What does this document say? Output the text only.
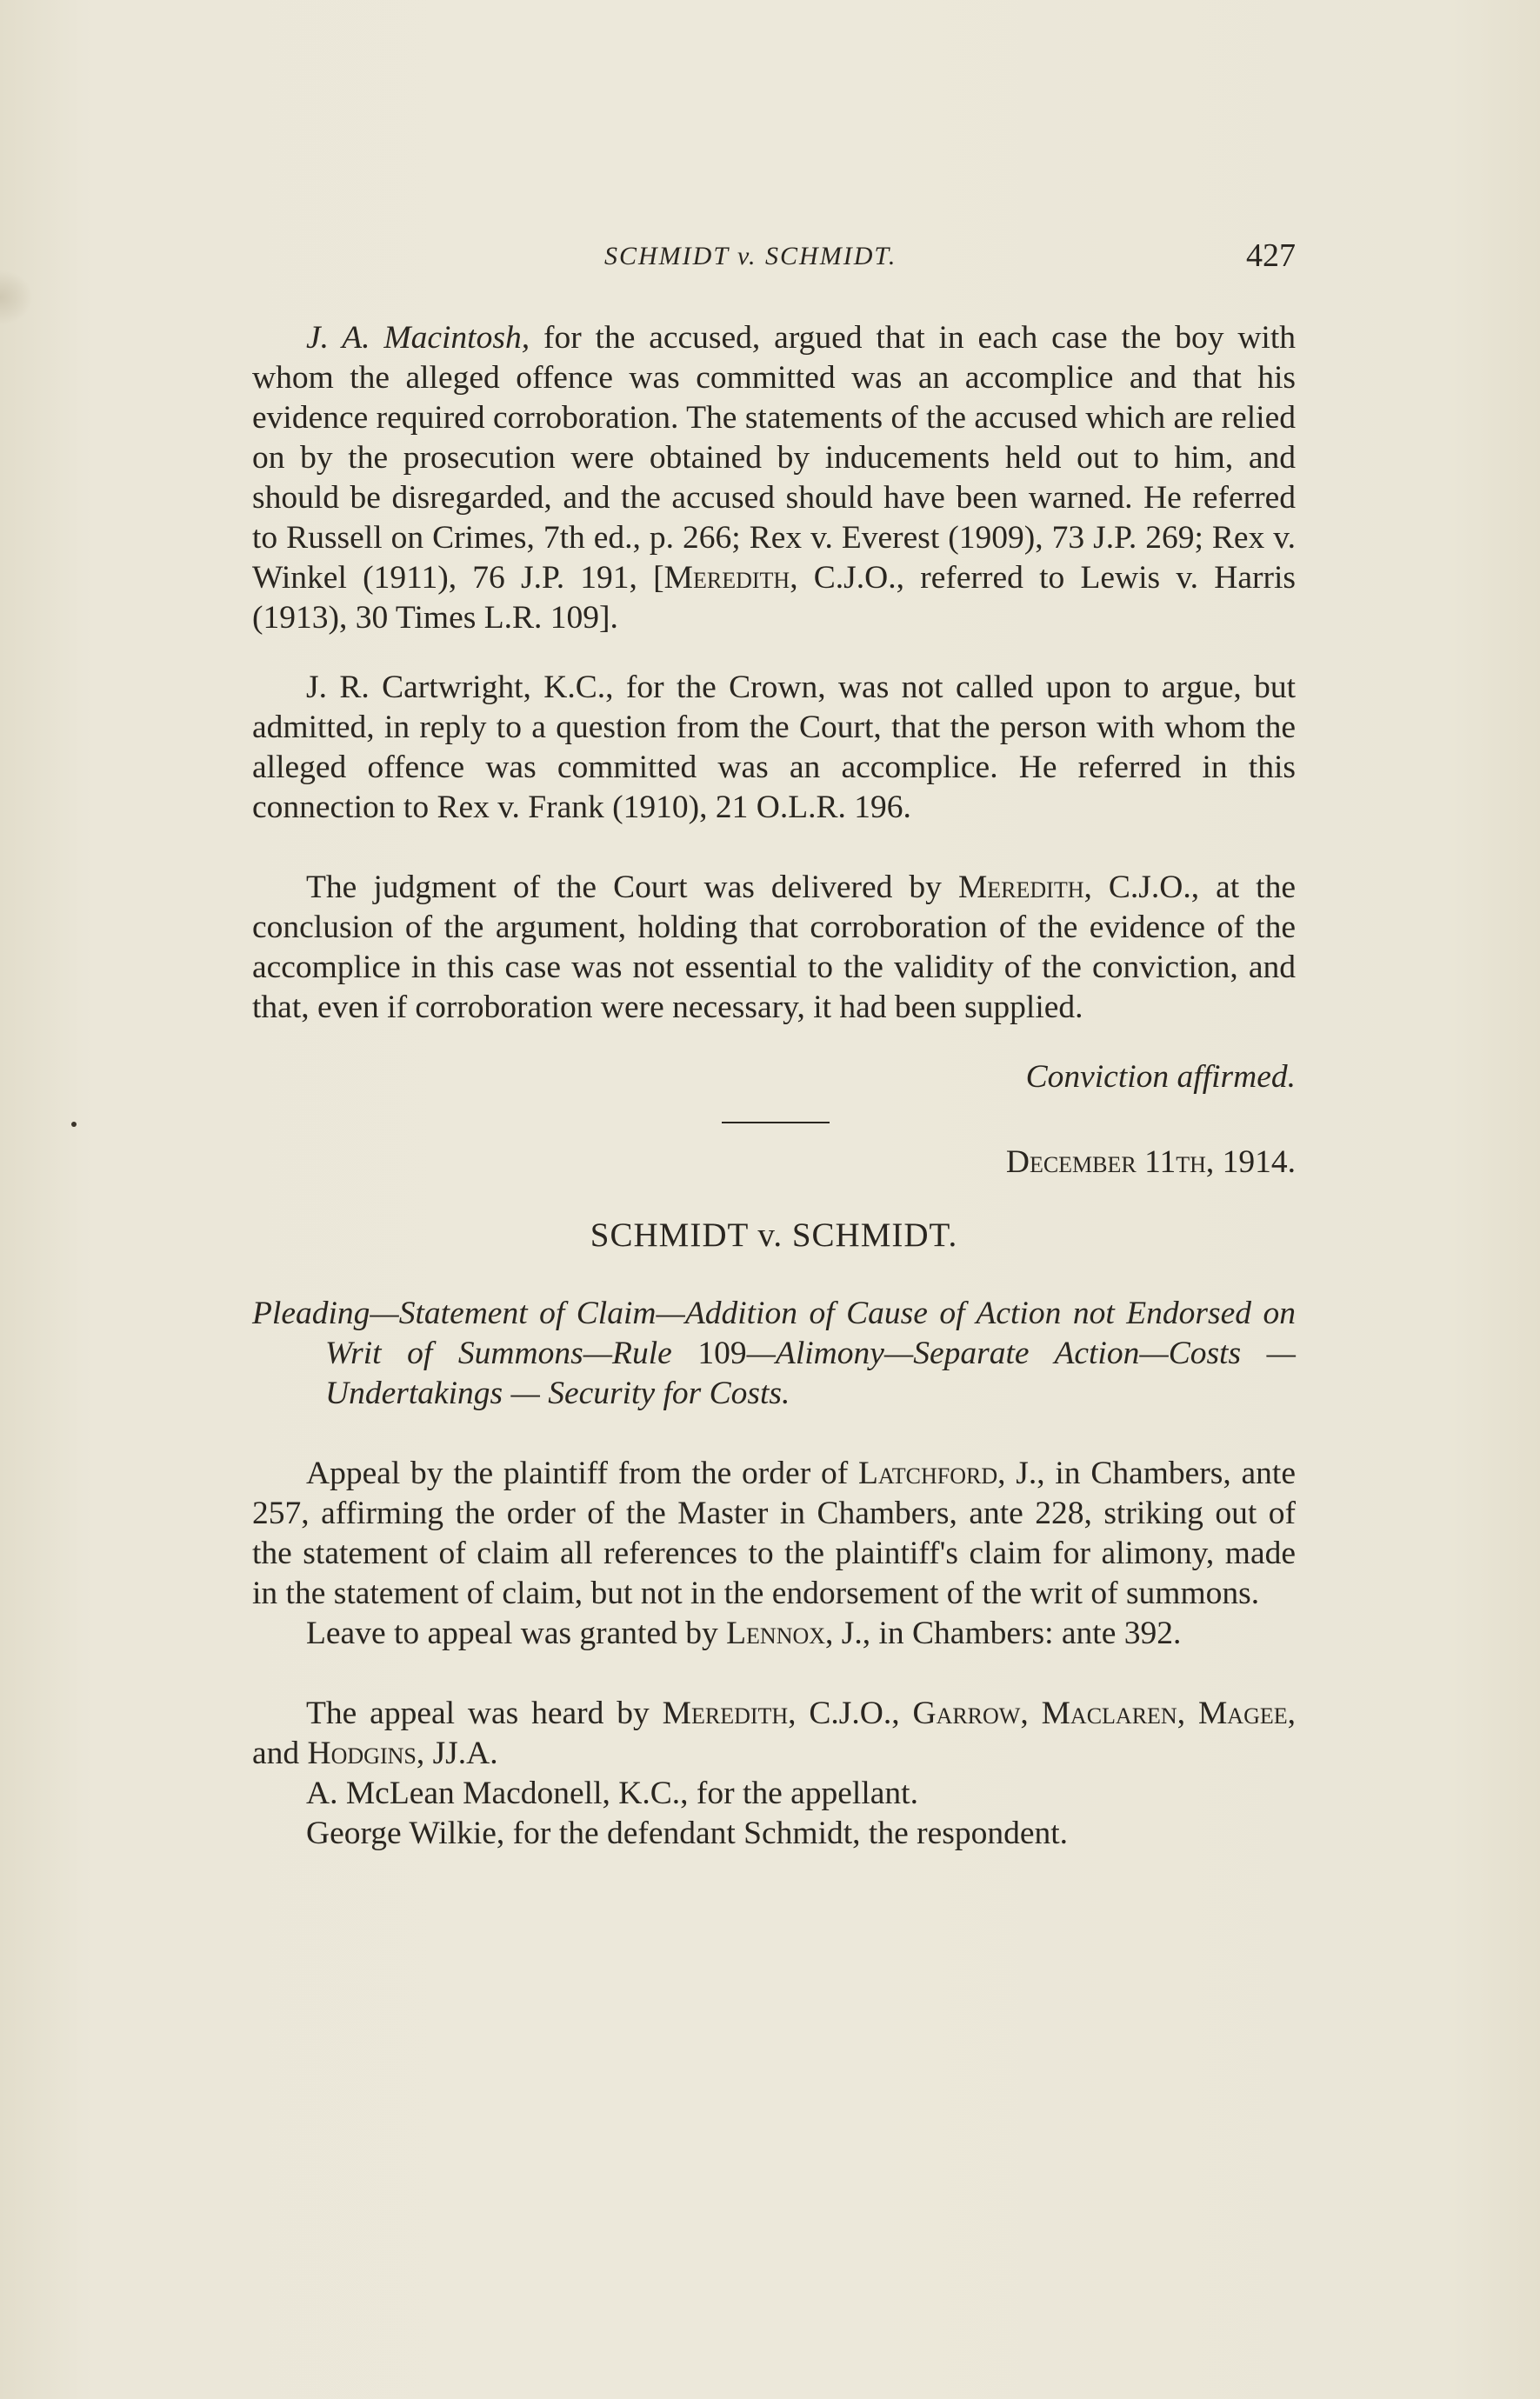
SCHMIDT v. SCHMIDT.	427

J. A. Macintosh, for the accused, argued that in each case the boy with whom the alleged offence was committed was an accomplice and that his evidence required corroboration. The statements of the accused which are relied on by the prosecution were obtained by inducements held out to him, and should be disregarded, and the accused should have been warned. He referred to Russell on Crimes, 7th ed., p. 266; Rex v. Everest (1909), 73 J.P. 269; Rex v. Winkel (1911), 76 J.P. 191, [Meredith, C.J.O., referred to Lewis v. Harris (1913), 30 Times L.R. 109].

J. R. Cartwright, K.C., for the Crown, was not called upon to argue, but admitted, in reply to a question from the Court, that the person with whom the alleged offence was committed was an accomplice. He referred in this connection to Rex v. Frank (1910), 21 O.L.R. 196.

The judgment of the Court was delivered by Meredith, C.J.O., at the conclusion of the argument, holding that corroboration of the evidence of the accomplice in this case was not essential to the validity of the conviction, and that, even if corroboration were necessary, it had been supplied.

Conviction affirmed.

December 11th, 1914.

SCHMIDT v. SCHMIDT.

Pleading—Statement of Claim—Addition of Cause of Action not Endorsed on Writ of Summons—Rule 109—Alimony—Separate Action—Costs — Undertakings — Security for Costs.

Appeal by the plaintiff from the order of Latchford, J., in Chambers, ante 257, affirming the order of the Master in Chambers, ante 228, striking out of the statement of claim all references to the plaintiff's claim for alimony, made in the statement of claim, but not in the endorsement of the writ of summons.

Leave to appeal was granted by Lennox, J., in Chambers: ante 392.

The appeal was heard by Meredith, C.J.O., Garrow, Maclaren, Magee, and Hodgins, JJ.A.

A. McLean Macdonell, K.C., for the appellant.

George Wilkie, for the defendant Schmidt, the respondent.
